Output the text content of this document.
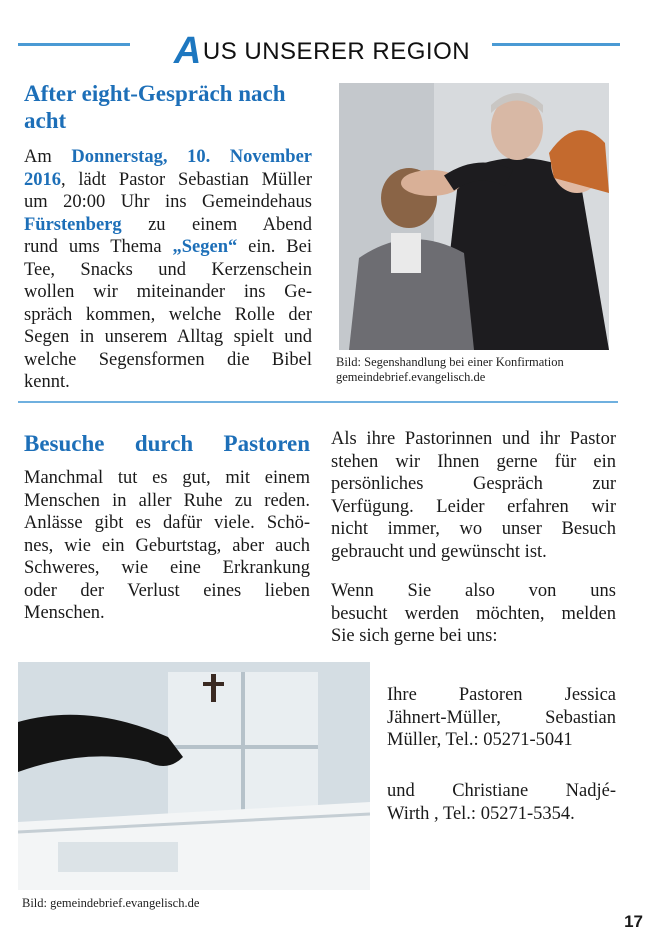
AUS UNSERER REGION
After eight-Gespräch nach
acht
Am Donnerstag, 10. November
2016, lädt Pastor Sebastian Müller
um 20:00 Uhr ins Gemeindehaus
Fürstenberg zu einem Abend
rund ums Thema „Segen“ ein. Bei
Tee, Snacks und Kerzenschein
wollen wir miteinander ins Ge-
spräch kommen, welche Rolle der
Segen in unserem Alltag spielt und
welche Segensformen die Bibel
kennt.
Bild: Segenshandlung bei einer Konfirmation
gemeindebrief.evangelisch.de
Besuche durch Pastoren
Manchmal tut es gut, mit einem
Menschen in aller Ruhe zu reden.
Anlässe gibt es dafür viele. Schö-
nes, wie ein Geburtstag, aber auch
Schweres, wie eine Erkrankung
oder der Verlust eines lieben
Menschen.
Als ihre Pastorinnen und ihr Pastor
stehen wir Ihnen gerne für ein
persönliches Gespräch zur
Verfügung. Leider erfahren wir
nicht immer, wo unser Besuch
gebraucht und gewünscht ist.
Wenn Sie also von uns
besucht werden möchten, melden
Sie sich gerne bei uns:
Ihre Pastoren Jessica
Jähnert-Müller, Sebastian
Müller, Tel.: 05271-5041
und Christiane Nadjé-
Wirth , Tel.: 05271-5354.
Bild: gemeindebrief.evangelisch.de
17
